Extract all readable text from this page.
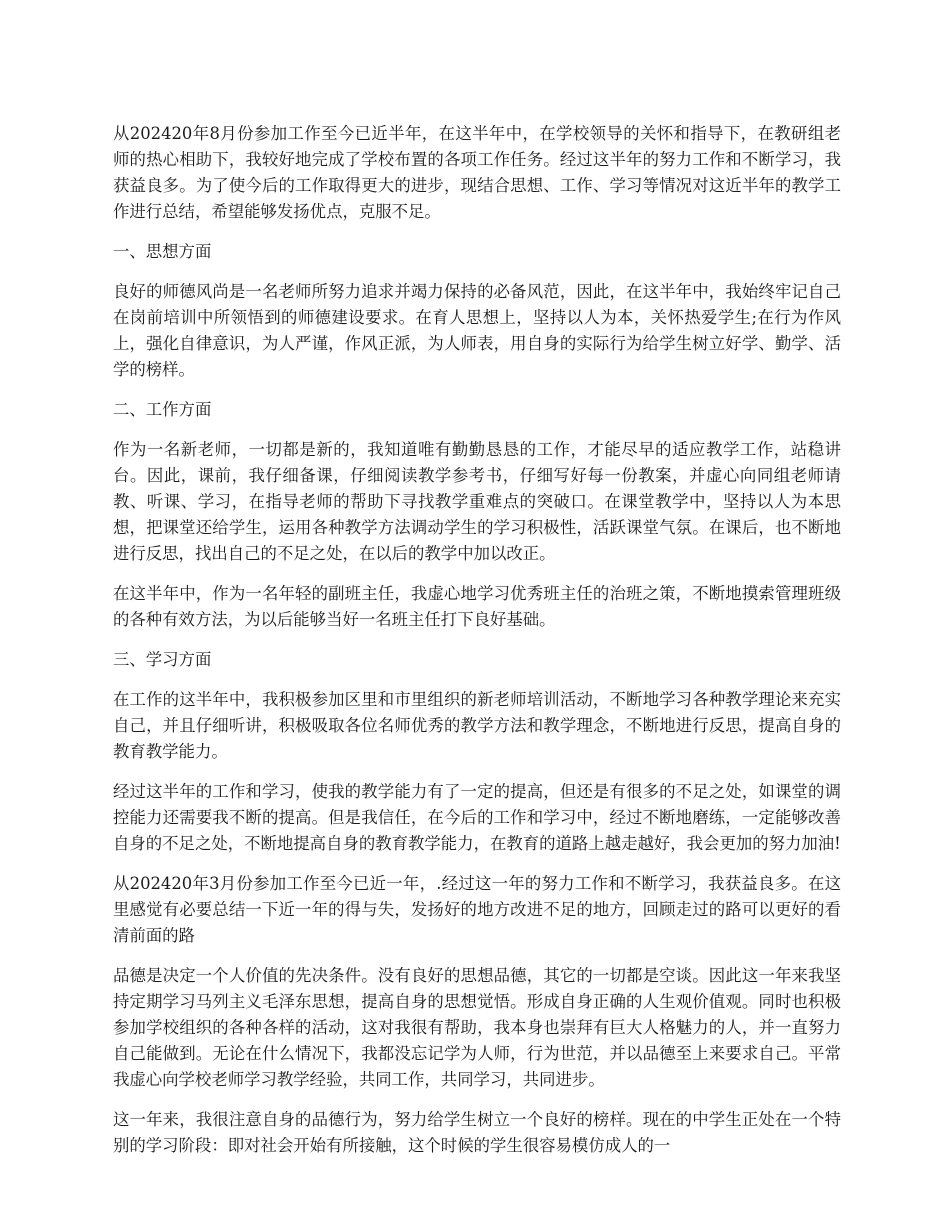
从202420年8月份参加工作至今已近半年，在这半年中，在学校领导的关怀和指导下，在教研组老师的热心相助下，我较好地完成了学校布置的各项工作任务。经过这半年的努力工作和不断学习，我获益良多。为了使今后的工作取得更大的进步，现结合思想、工作、学习等情况对这近半年的教学工作进行总结，希望能够发扬优点，克服不足。

一、思想方面

良好的师德风尚是一名老师所努力追求并竭力保持的必备风范，因此，在这半年中，我始终牢记自己在岗前培训中所领悟到的师德建设要求。在育人思想上，坚持以人为本，关怀热爱学生;在行为作风上，强化自律意识，为人严谨，作风正派，为人师表，用自身的实际行为给学生树立好学、勤学、活学的榜样。

二、工作方面

作为一名新老师，一切都是新的，我知道唯有勤勤恳恳的工作，才能尽早的适应教学工作，站稳讲台。因此，课前，我仔细备课，仔细阅读教学参考书，仔细写好每一份教案，并虚心向同组老师请教、听课、学习，在指导老师的帮助下寻找教学重难点的突破口。在课堂教学中，坚持以人为本思想，把课堂还给学生，运用各种教学方法调动学生的学习积极性，活跃课堂气氛。在课后，也不断地进行反思，找出自己的不足之处，在以后的教学中加以改正。

在这半年中，作为一名年轻的副班主任，我虚心地学习优秀班主任的治班之策，不断地摸索管理班级的各种有效方法，为以后能够当好一名班主任打下良好基础。

三、学习方面

在工作的这半年中，我积极参加区里和市里组织的新老师培训活动，不断地学习各种教学理论来充实自己，并且仔细听讲，积极吸取各位名师优秀的教学方法和教学理念，不断地进行反思，提高自身的教育教学能力。

经过这半年的工作和学习，使我的教学能力有了一定的提高，但还是有很多的不足之处，如课堂的调控能力还需要我不断的提高。但是我信任，在今后的工作和学习中，经过不断地磨练，一定能够改善自身的不足之处，不断地提高自身的教育教学能力，在教育的道路上越走越好，我会更加的努力加油!

从202420年3月份参加工作至今已近一年，.经过这一年的努力工作和不断学习，我获益良多。在这里感觉有必要总结一下近一年的得与失，发扬好的地方改进不足的地方，回顾走过的路可以更好的看清前面的路

品德是决定一个人价值的先决条件。没有良好的思想品德，其它的一切都是空谈。因此这一年来我坚持定期学习马列主义毛泽东思想，提高自身的思想觉悟。形成自身正确的人生观价值观。同时也积极参加学校组织的各种各样的活动，这对我很有帮助，我本身也崇拜有巨大人格魅力的人，并一直努力自己能做到。无论在什么情况下，我都没忘记学为人师，行为世范，并以品德至上来要求自己。平常我虚心向学校老师学习教学经验，共同工作，共同学习，共同进步。

这一年来，我很注意自身的品德行为，努力给学生树立一个良好的榜样。现在的中学生正处在一个特别的学习阶段：即对社会开始有所接触，这个时候的学生很容易模仿成人的一
